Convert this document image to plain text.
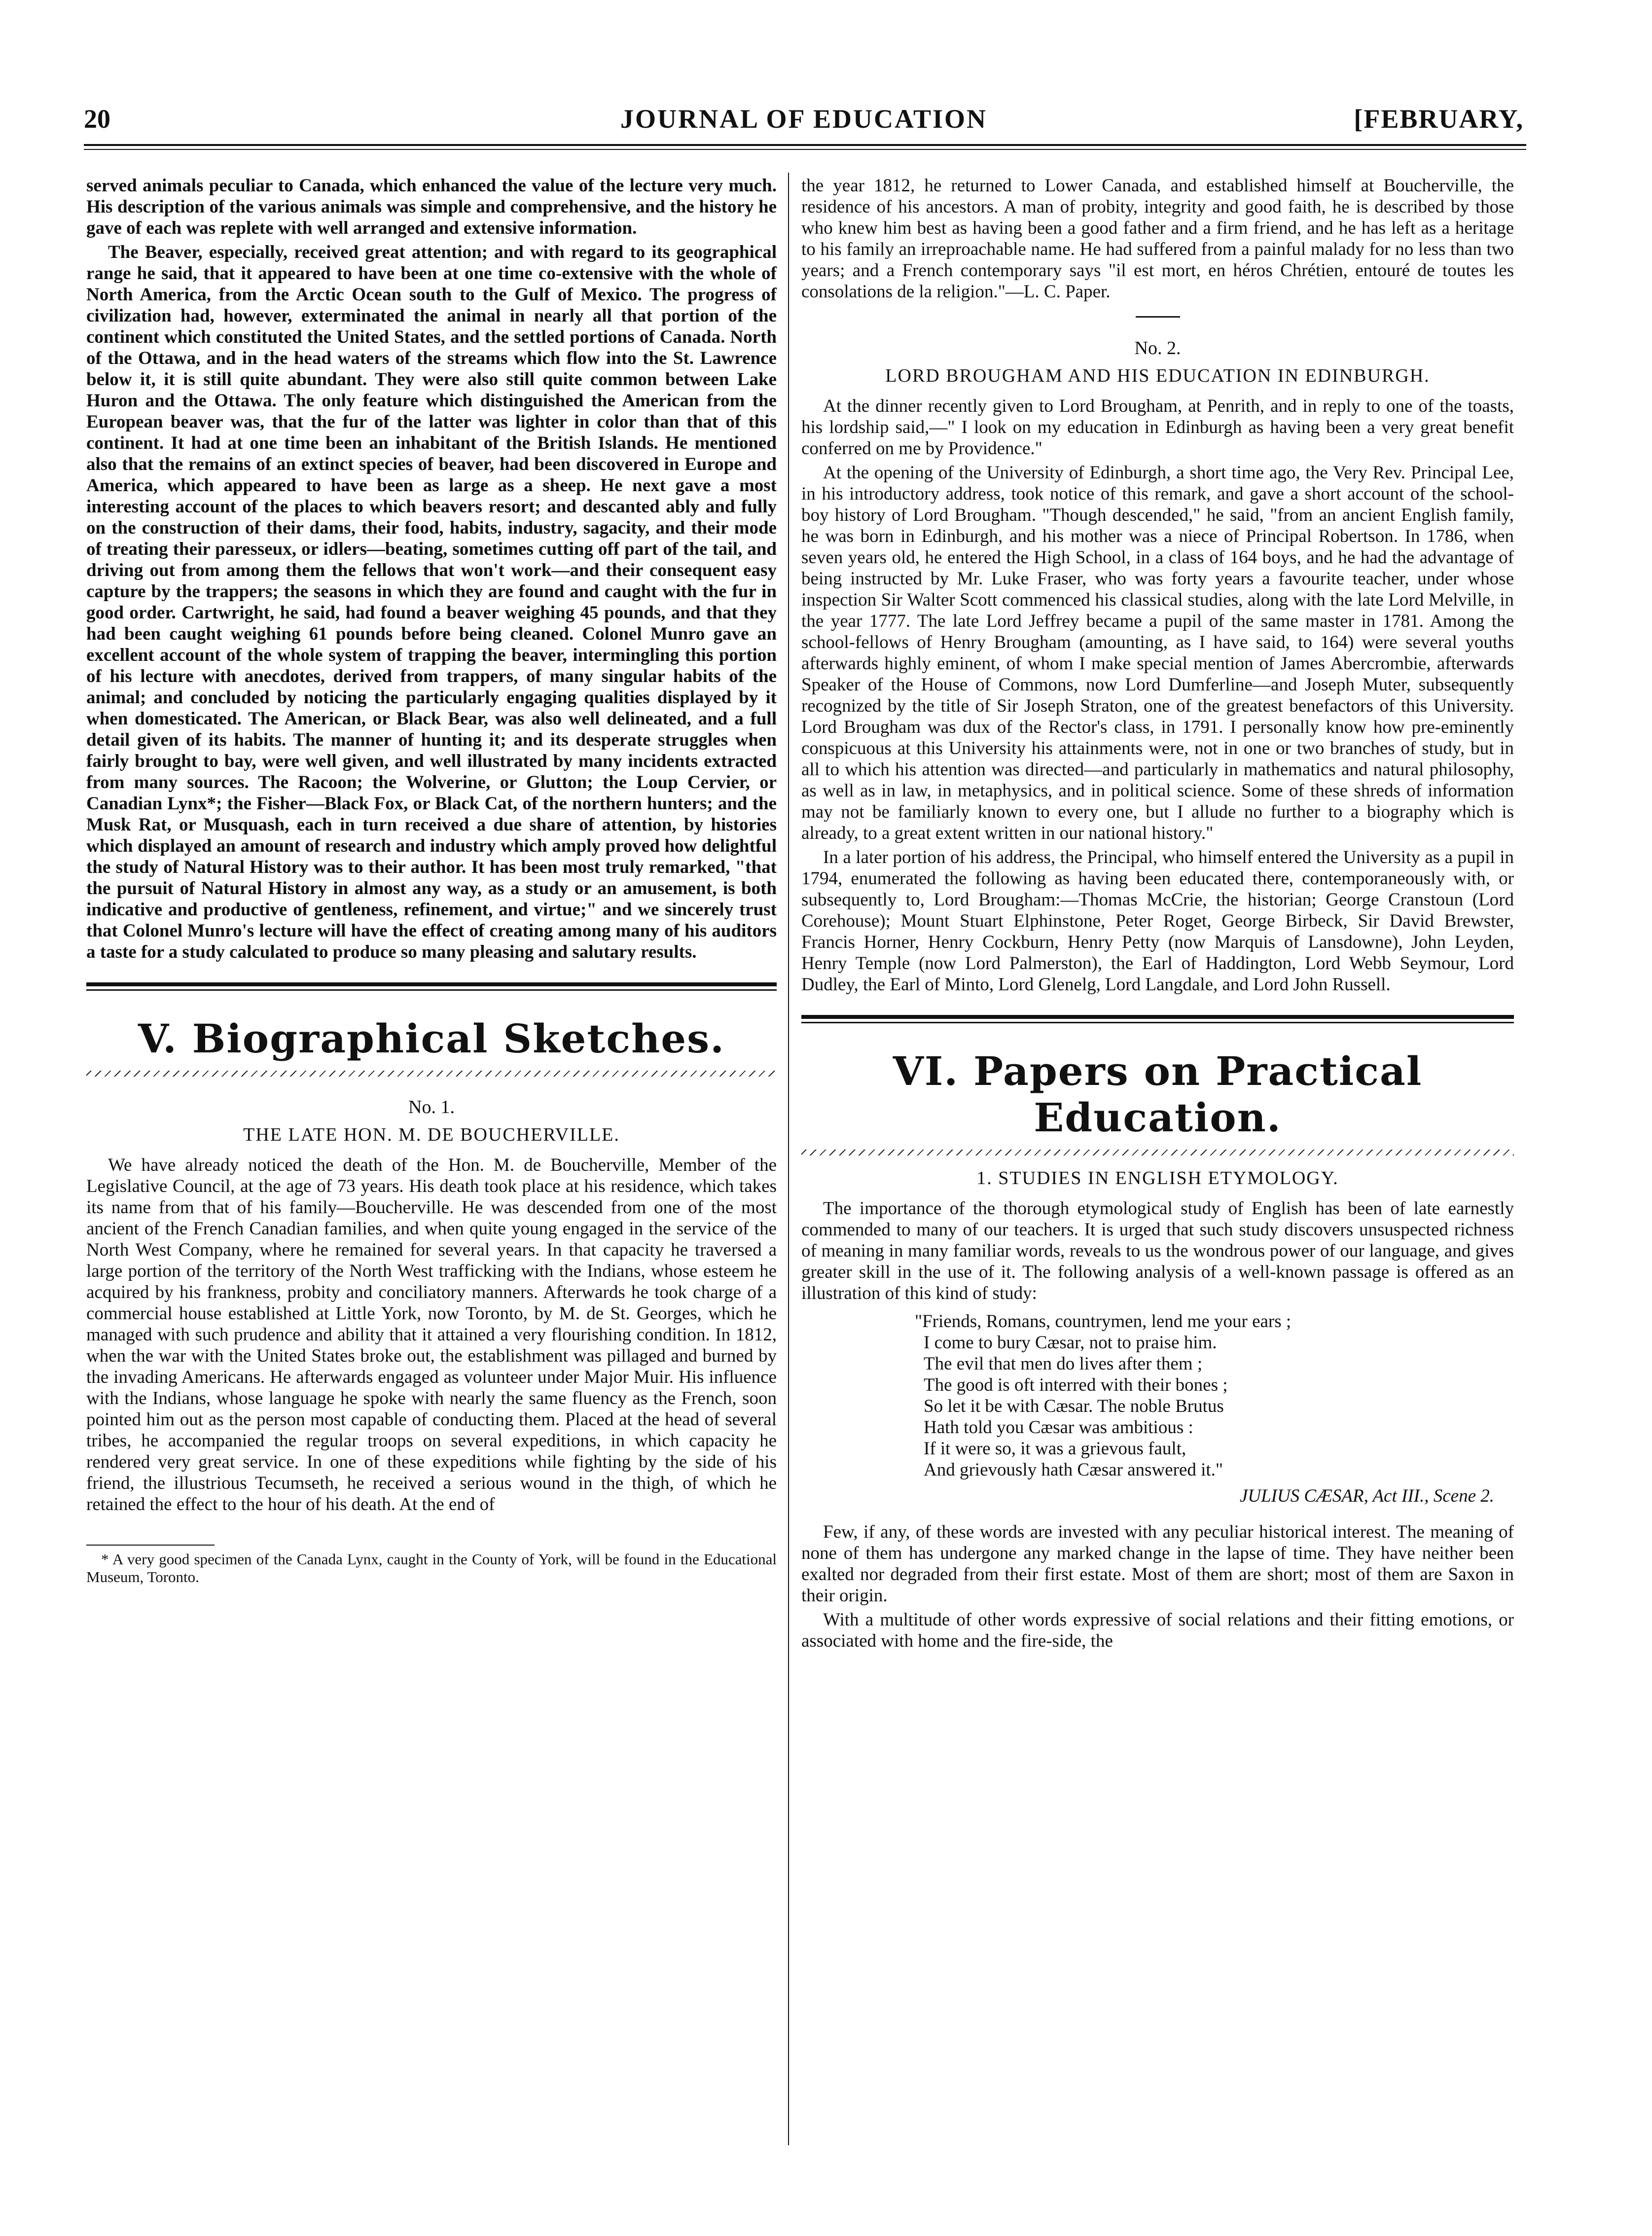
20	JOURNAL OF EDUCATION	[FEBRUARY,

served animals peculiar to Canada, which enhanced the value of the lecture very much. His description of the various animals was simple and comprehensive, and the history he gave of each was replete with well arranged and extensive information.

The Beaver, especially, received great attention; and with regard to its geographical range he said, that it appeared to have been at one time co-extensive with the whole of North America, from the Arctic Ocean south to the Gulf of Mexico. The progress of civilization had, however, exterminated the animal in nearly all that portion of the continent which constituted the United States, and the settled portions of Canada. North of the Ottawa, and in the head waters of the streams which flow into the St. Lawrence below it, it is still quite abundant. They were also still quite common between Lake Huron and the Ottawa. The only feature which distinguished the American from the European beaver was, that the fur of the latter was lighter in color than that of this continent. It had at one time been an inhabitant of the British Islands. He mentioned also that the remains of an extinct species of beaver, had been discovered in Europe and America, which appeared to have been as large as a sheep. He next gave a most interesting account of the places to which beavers resort; and descanted ably and fully on the construction of their dams, their food, habits, industry, sagacity, and their mode of treating their paresseux, or idlers—beating, sometimes cutting off part of the tail, and driving out from among them the fellows that won't work—and their consequent easy capture by the trappers; the seasons in which they are found and caught with the fur in good order. Cartwright, he said, had found a beaver weighing 45 pounds, and that they had been caught weighing 61 pounds before being cleaned. Colonel Munro gave an excellent account of the whole system of trapping the beaver, intermingling this portion of his lecture with anecdotes, derived from trappers, of many singular habits of the animal; and concluded by noticing the particularly engaging qualities displayed by it when domesticated. The American, or Black Bear, was also well delineated, and a full detail given of its habits. The manner of hunting it; and its desperate struggles when fairly brought to bay, were well given, and well illustrated by many incidents extracted from many sources. The Racoon; the Wolverine, or Glutton; the Loup Cervier, or Canadian Lynx*; the Fisher—Black Fox, or Black Cat, of the northern hunters; and the Musk Rat, or Musquash, each in turn received a due share of attention, by histories which displayed an amount of research and industry which amply proved how delightful the study of Natural History was to their author. It has been most truly remarked, "that the pursuit of Natural History in almost any way, as a study or an amusement, is both indicative and productive of gentleness, refinement, and virtue;" and we sincerely trust that Colonel Munro's lecture will have the effect of creating among many of his auditors a taste for a study calculated to produce so many pleasing and salutary results.

V. Biographical Sketches.
No. 1.
THE LATE HON. M. DE BOUCHERVILLE.

We have already noticed the death of the Hon. M. de Boucherville, Member of the Legislative Council, at the age of 73 years. His death took place at his residence, which takes its name from that of his family—Boucherville. He was descended from one of the most ancient of the French Canadian families, and when quite young engaged in the service of the North West Company, where he remained for several years. In that capacity he traversed a large portion of the territory of the North West trafficking with the Indians, whose esteem he acquired by his frankness, probity and conciliatory manners. Afterwards he took charge of a commercial house established at Little York, now Toronto, by M. de St. Georges, which he managed with such prudence and ability that it attained a very flourishing condition. In 1812, when the war with the United States broke out, the establishment was pillaged and burned by the invading Americans. He afterwards engaged as volunteer under Major Muir. His influence with the Indians, whose language he spoke with nearly the same fluency as the French, soon pointed him out as the person most capable of conducting them. Placed at the head of several tribes, he accompanied the regular troops on several expeditions, in which capacity he rendered very great service. In one of these expeditions while fighting by the side of his friend, the illustrious Tecumseth, he received a serious wound in the thigh, of which he retained the effect to the hour of his death. At the end of

* A very good specimen of the Canada Lynx, caught in the County of York, will be found in the Educational Museum, Toronto.

the year 1812, he returned to Lower Canada, and established himself at Boucherville, the residence of his ancestors. A man of probity, integrity and good faith, he is described by those who knew him best as having been a good father and a firm friend, and he has left as a heritage to his family an irreproachable name. He had suffered from a painful malady for no less than two years; and a French contemporary says "il est mort, en héros Chrétien, entouré de toutes les consolations de la religion."—L. C. Paper.

No. 2.
LORD BROUGHAM AND HIS EDUCATION IN EDINBURGH.

At the dinner recently given to Lord Brougham, at Penrith, and in reply to one of the toasts, his lordship said,—" I look on my education in Edinburgh as having been a very great benefit conferred on me by Providence."

At the opening of the University of Edinburgh, a short time ago, the Very Rev. Principal Lee, in his introductory address, took notice of this remark, and gave a short account of the school-boy history of Lord Brougham. "Though descended," he said, "from an ancient English family, he was born in Edinburgh, and his mother was a niece of Principal Robertson. In 1786, when seven years old, he entered the High School, in a class of 164 boys, and he had the advantage of being instructed by Mr. Luke Fraser, who was forty years a favourite teacher, under whose inspection Sir Walter Scott commenced his classical studies, along with the late Lord Melville, in the year 1777. The late Lord Jeffrey became a pupil of the same master in 1781. Among the school-fellows of Henry Brougham (amounting, as I have said, to 164) were several youths afterwards highly eminent, of whom I make special mention of James Abercrombie, afterwards Speaker of the House of Commons, now Lord Dumferline—and Joseph Muter, subsequently recognized by the title of Sir Joseph Straton, one of the greatest benefactors of this University. Lord Brougham was dux of the Rector's class, in 1791. I personally know how pre-eminently conspicuous at this University his attainments were, not in one or two branches of study, but in all to which his attention was directed—and particularly in mathematics and natural philosophy, as well as in law, in metaphysics, and in political science. Some of these shreds of information may not be familiarly known to every one, but I allude no further to a biography which is already, to a great extent written in our national history."

In a later portion of his address, the Principal, who himself entered the University as a pupil in 1794, enumerated the following as having been educated there, contemporaneously with, or subsequently to, Lord Brougham:—Thomas McCrie, the historian; George Cranstoun (Lord Corehouse); Mount Stuart Elphinstone, Peter Roget, George Birbeck, Sir David Brewster, Francis Horner, Henry Cockburn, Henry Petty (now Marquis of Lansdowne), John Leyden, Henry Temple (now Lord Palmerston), the Earl of Haddington, Lord Webb Seymour, Lord Dudley, the Earl of Minto, Lord Glenelg, Lord Langdale, and Lord John Russell.

VI. Papers on Practical Education.
1. STUDIES IN ENGLISH ETYMOLOGY.

The importance of the thorough etymological study of English has been of late earnestly commended to many of our teachers. It is urged that such study discovers unsuspected richness of meaning in many familiar words, reveals to us the wondrous power of our language, and gives greater skill in the use of it. The following analysis of a well-known passage is offered as an illustration of this kind of study:

"Friends, Romans, countrymen, lend me your ears ;
I come to bury Cæsar, not to praise him.
The evil that men do lives after them ;
The good is oft interred with their bones ;
So let it be with Cæsar. The noble Brutus
Hath told you Cæsar was ambitious :
If it were so, it was a grievous fault,
And grievously hath Cæsar answered it."
JULIUS CÆSAR, Act III., Scene 2.

Few, if any, of these words are invested with any peculiar historical interest. The meaning of none of them has undergone any marked change in the lapse of time. They have neither been exalted nor degraded from their first estate. Most of them are short; most of them are Saxon in their origin.

With a multitude of other words expressive of social relations and their fitting emotions, or associated with home and the fire-side, the
